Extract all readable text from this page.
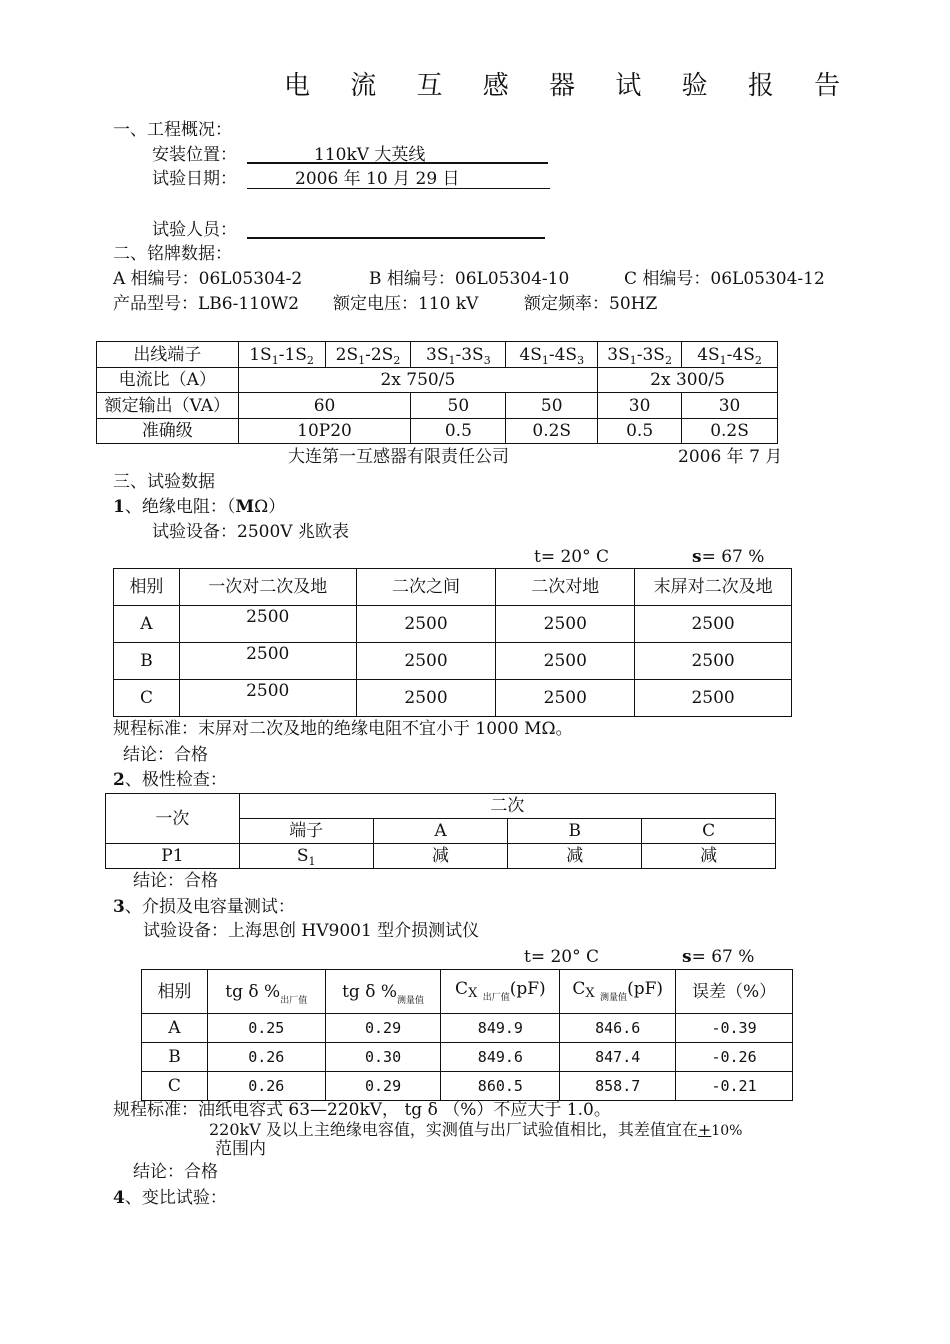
电 流 互 感 器 试 验 报 告
一、工程概况：
安装位置：	110kV 大英线
试验日期：	2006 年 10 月 29 日
试验人员：
二、铭牌数据：
A 相编号：06L05304-2	B 相编号：06L05304-10	C 相编号：06L05304-12
产品型号：LB6-110W2 额定电压：110 kV	额定频率：50HZ
出线端子	$1S_1-1S_2$	$2S_1-2S_2$	$3S_1-3S_3$	$4S_1-4S_3$	$3S_1-3S_2$	$4S_1-4S_2$
电流比（A）	2x 750/5				2x 300/5	
额定输出（VA）	60		50	50	30	30
准确级	10P20		0.5	0.2S	0.5	0.2S
大连第一互感器有限责任公司	2006 年 7 月
三、试验数据
1、绝缘电阻：（MΩ）
试验设备：2500V 兆欧表
t= 20° C	s= 67 %
相别	一次对二次及地	二次之间	二次对地	末屏对二次及地
A	2500	2500	2500	2500
B	2500	2500	2500	2500
C	2500	2500	2500	2500
规程标准：末屏对二次及地的绝缘电阻不宜小于 1000 MΩ。
结论：合格
2、极性检查：
一次	二次			
	端子	A	B	C
P1	$S_1$	减	减	减
结论：合格
3、介损及电容量测试：
试验设备：上海思创 HV9001 型介损测试仪
t= 20° C	s= 67 %
相别	tg δ $\%_{出厂值}$	tg δ $\%_{测量值}$	CX $_{出厂值}$(pF)	CX $_{测量值}$(pF)	误差（%）
A	0.25	0.29	849.9	846.6	-0.39
B	0.26	0.30	849.6	847.4	-0.26
C	0.26	0.29	860.5	858.7	-0.21
规程标准：油纸电容式 63—220kV， tg δ （%）不应大于 1.0。
220kV 及以上主绝缘电容值，实测值与出厂试验值相比，其差值宜在+10%
范围内
结论：合格
4、变比试验：
